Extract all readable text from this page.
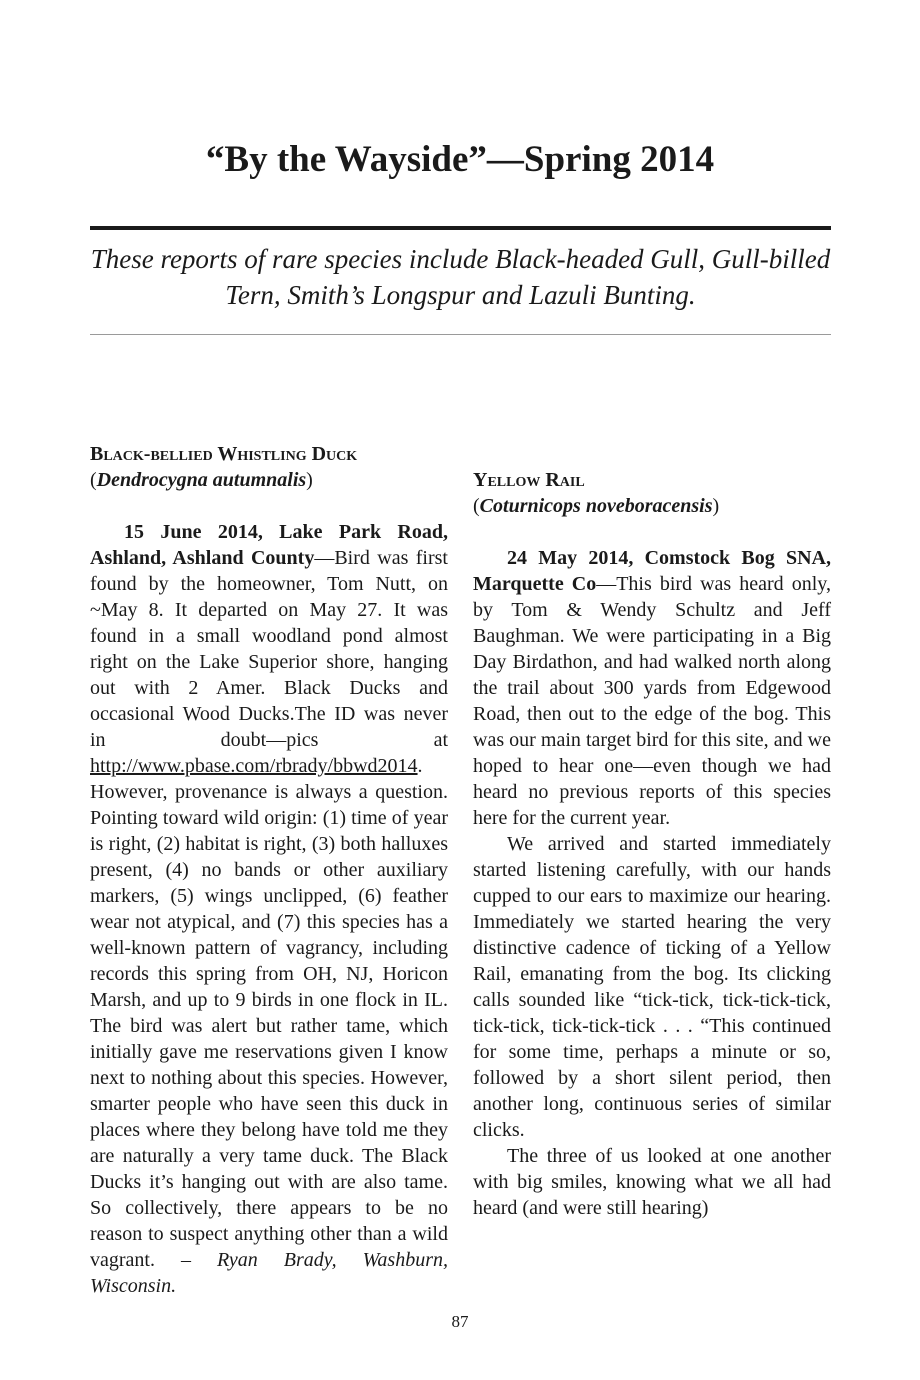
“By the Wayside”—Spring 2014

These reports of rare species include Black-headed Gull, Gull-billed Tern, Smith’s Longspur and Lazuli Bunting.

Black-bellied Whistling Duck

(Dendrocygna autumnalis)

15 June 2014, Lake Park Road, Ashland, Ashland County—Bird was first found by the homeowner, Tom Nutt, on ~May 8. It departed on May 27. It was found in a small woodland pond almost right on the Lake Superior shore, hanging out with 2 Amer. Black Ducks and occasional Wood Ducks.The ID was never in doubt—pics at http://www.pbase.com/rbrady/bbwd2014. However, provenance is always a question. Pointing toward wild origin: (1) time of year is right, (2) habitat is right, (3) both halluxes present, (4) no bands or other auxiliary markers, (5) wings unclipped, (6) feather wear not atypical, and (7) this species has a well-known pattern of vagrancy, including records this spring from OH, NJ, Horicon Marsh, and up to 9 birds in one flock in IL. The bird was alert but rather tame, which initially gave me reservations given I know next to nothing about this species. However, smarter people who have seen this duck in places where they belong have told me they are naturally a very tame duck. The Black Ducks it’s hanging out with are also tame. So collectively, there appears to be no reason to suspect anything other than a wild vagrant. – Ryan Brady, Washburn, Wisconsin.

Yellow Rail

(Coturnicops noveboracensis)

24 May 2014, Comstock Bog SNA, Marquette Co—This bird was heard only, by Tom & Wendy Schultz and Jeff Baughman. We were participating in a Big Day Birdathon, and had walked north along the trail about 300 yards from Edgewood Road, then out to the edge of the bog. This was our main target bird for this site, and we hoped to hear one—even though we had heard no previous reports of this species here for the current year.

We arrived and started immediately started listening carefully, with our hands cupped to our ears to maximize our hearing. Immediately we started hearing the very distinctive cadence of ticking of a Yellow Rail, emanating from the bog. Its clicking calls sounded like “tick-tick, tick-tick-tick, tick-tick, tick-tick-tick . . . “This continued for some time, perhaps a minute or so, followed by a short silent period, then another long, continuous series of similar clicks.

The three of us looked at one another with big smiles, knowing what we all had heard (and were still hearing)

87
